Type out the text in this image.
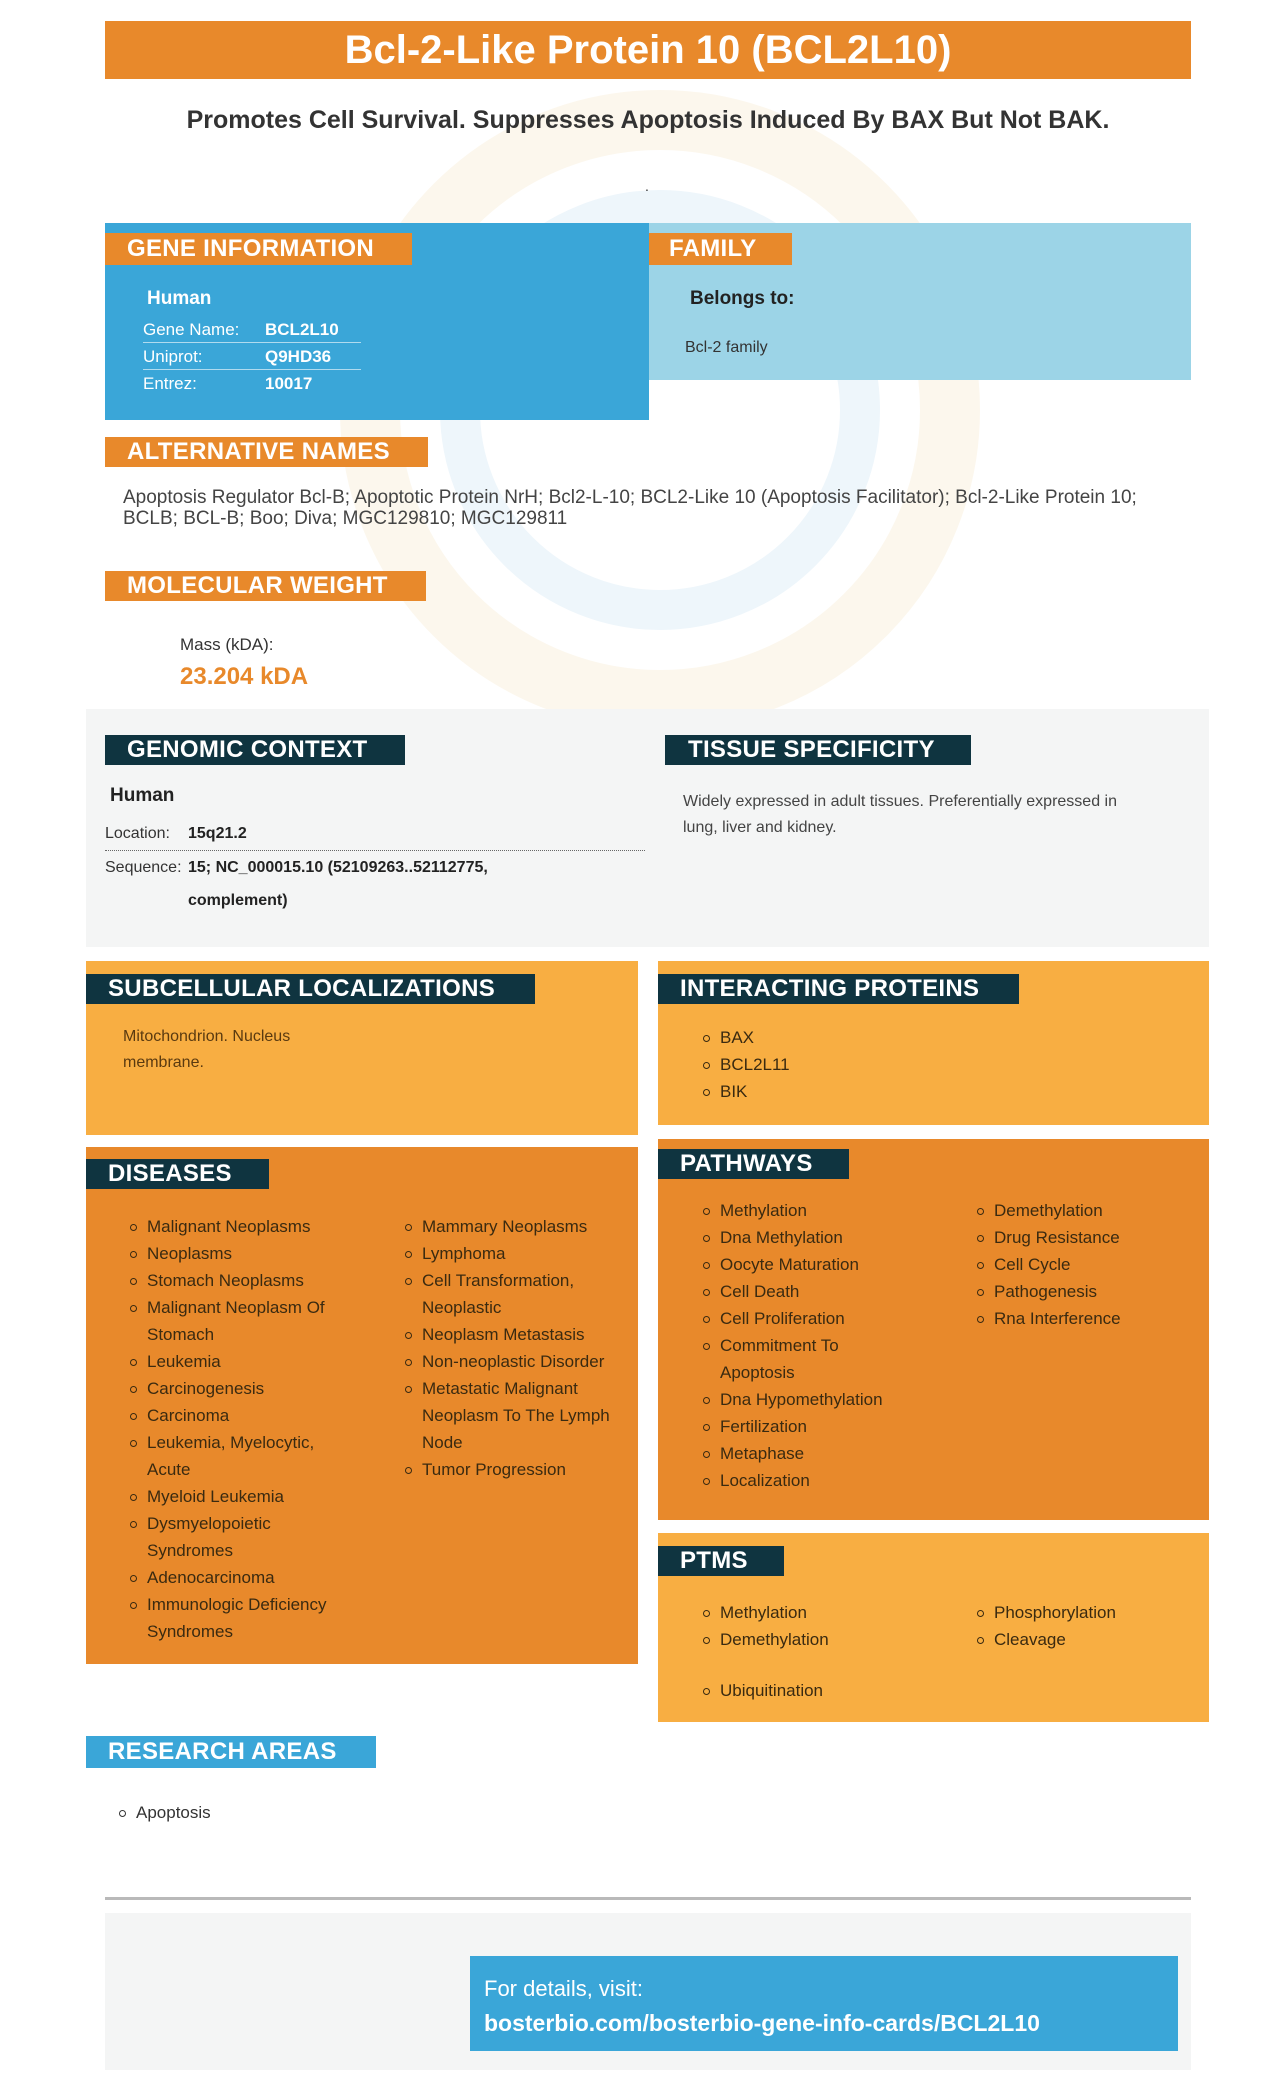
Bcl-2-Like Protein 10 (BCL2L10)
Promotes Cell Survival. Suppresses Apoptosis Induced By BAX But Not BAK.
.
GENE INFORMATION
Human
Gene Name: BCL2L10
Uniprot:	Q9HD36
Entrez:	10017
FAMILY
Belongs to:
Bcl-2 family
ALTERNATIVE NAMES
Apoptosis Regulator Bcl-B; Apoptotic Protein NrH; Bcl2-L-10; BCL2-Like 10 (Apoptosis Facilitator); Bcl-2-Like Protein 10; BCLB; BCL-B; Boo; Diva; MGC129810; MGC129811
MOLECULAR WEIGHT
Mass (kDA):
23.204 kDA
GENOMIC CONTEXT
Human
Location: 15q21.2
Sequence: 15; NC_000015.10 (52109263..52112775,
complement)
TISSUE SPECIFICITY
Widely expressed in adult tissues. Preferentially expressed in
lung, liver and kidney.
SUBCELLULAR LOCALIZATIONS
Mitochondrion. Nucleus
membrane.
INTERACTING PROTEINS
BAX
BCL2L11
BIK
DISEASES
Malignant Neoplasms
Neoplasms
Stomach Neoplasms
Malignant Neoplasm Of Stomach
Leukemia
Carcinogenesis
Carcinoma
Leukemia, Myelocytic, Acute
Myeloid Leukemia
Dysmyelopoietic Syndromes
Adenocarcinoma
Immunologic Deficiency Syndromes
Mammary Neoplasms
Lymphoma
Cell Transformation, Neoplastic
Neoplasm Metastasis
Non-neoplastic Disorder
Metastatic Malignant Neoplasm To The Lymph Node
Tumor Progression
PATHWAYS
Methylation
Dna Methylation
Oocyte Maturation
Cell Death
Cell Proliferation
Commitment To Apoptosis
Dna Hypomethylation
Fertilization
Metaphase
Localization
Demethylation
Drug Resistance
Cell Cycle
Pathogenesis
Rna Interference
PTMS
Methylation
Demethylation
Phosphorylation
Cleavage
Ubiquitination
RESEARCH AREAS
Apoptosis
For details, visit:
bosterbio.com/bosterbio-gene-info-cards/BCL2L10
